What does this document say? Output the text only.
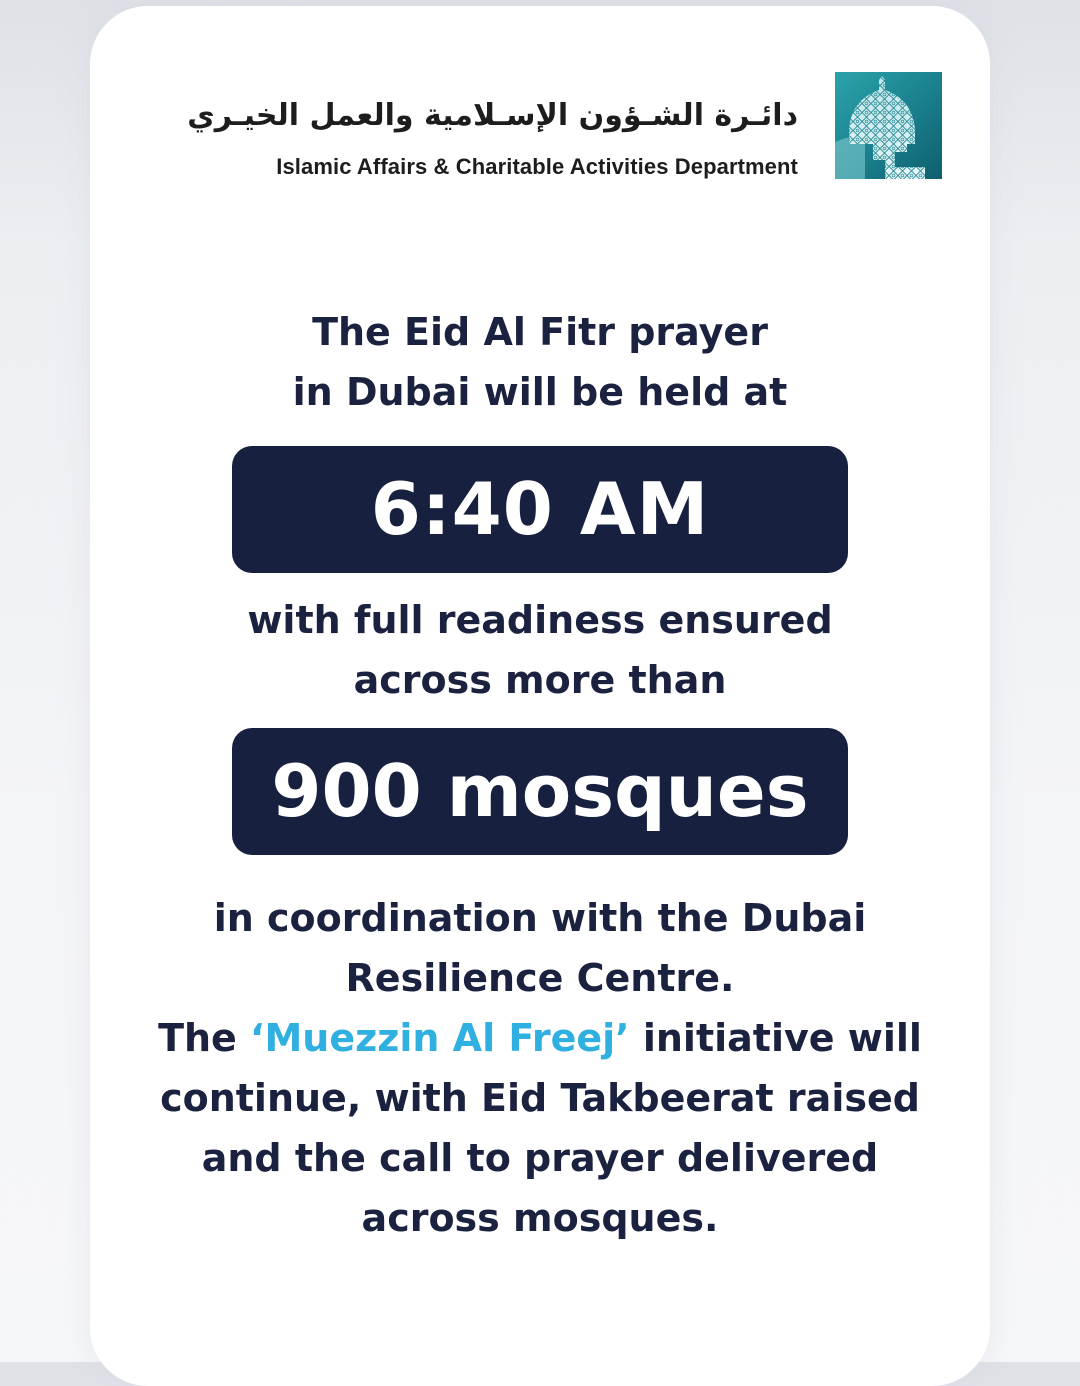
دائـرة الشـؤون الإسـلامية والعمل الخيـري
Islamic Affairs & Charitable Activities Department
The Eid Al Fitr prayer
in Dubai will be held at
6:40 AM
with full readiness ensured
across more than
900 mosques
in coordination with the Dubai
Resilience Centre.
The ‘Muezzin Al Freej’ initiative will
continue, with Eid Takbeerat raised
and the call to prayer delivered
across mosques.
